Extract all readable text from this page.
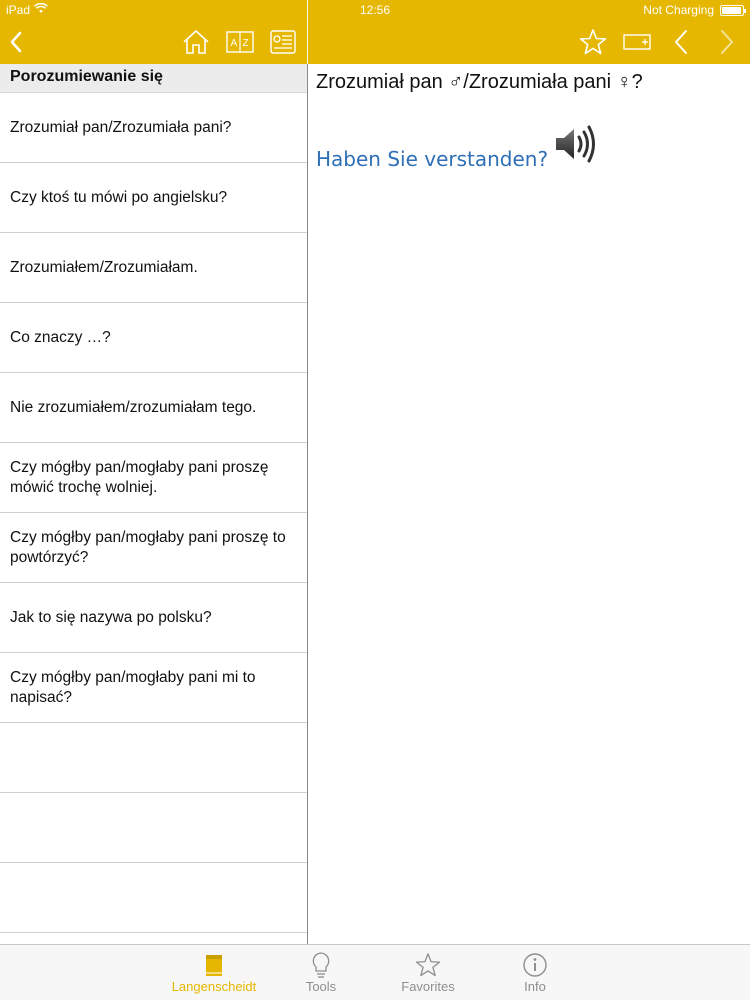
iPad	12:56	Not Charging
A Z
Porozumiewanie się
Zrozumiał pan/Zrozumiała pani?
Czy ktoś tu mówi po angielsku?
Zrozumiałem/Zrozumiałam.
Co znaczy …?
Nie zrozumiałem/zrozumiałam tego.
Czy mógłby pan/mogłaby pani proszę mówić trochę wolniej.
Czy mógłby pan/mogłaby pani proszę to powtórzyć?
Jak to się nazywa po polsku?
Czy mógłby pan/mogłaby pani mi to napisać?
Zrozumiał pan ♂/Zrozumiała pani ♀?
Haben Sie verstanden?
Langenscheidt	Tools	Favorites	Info
